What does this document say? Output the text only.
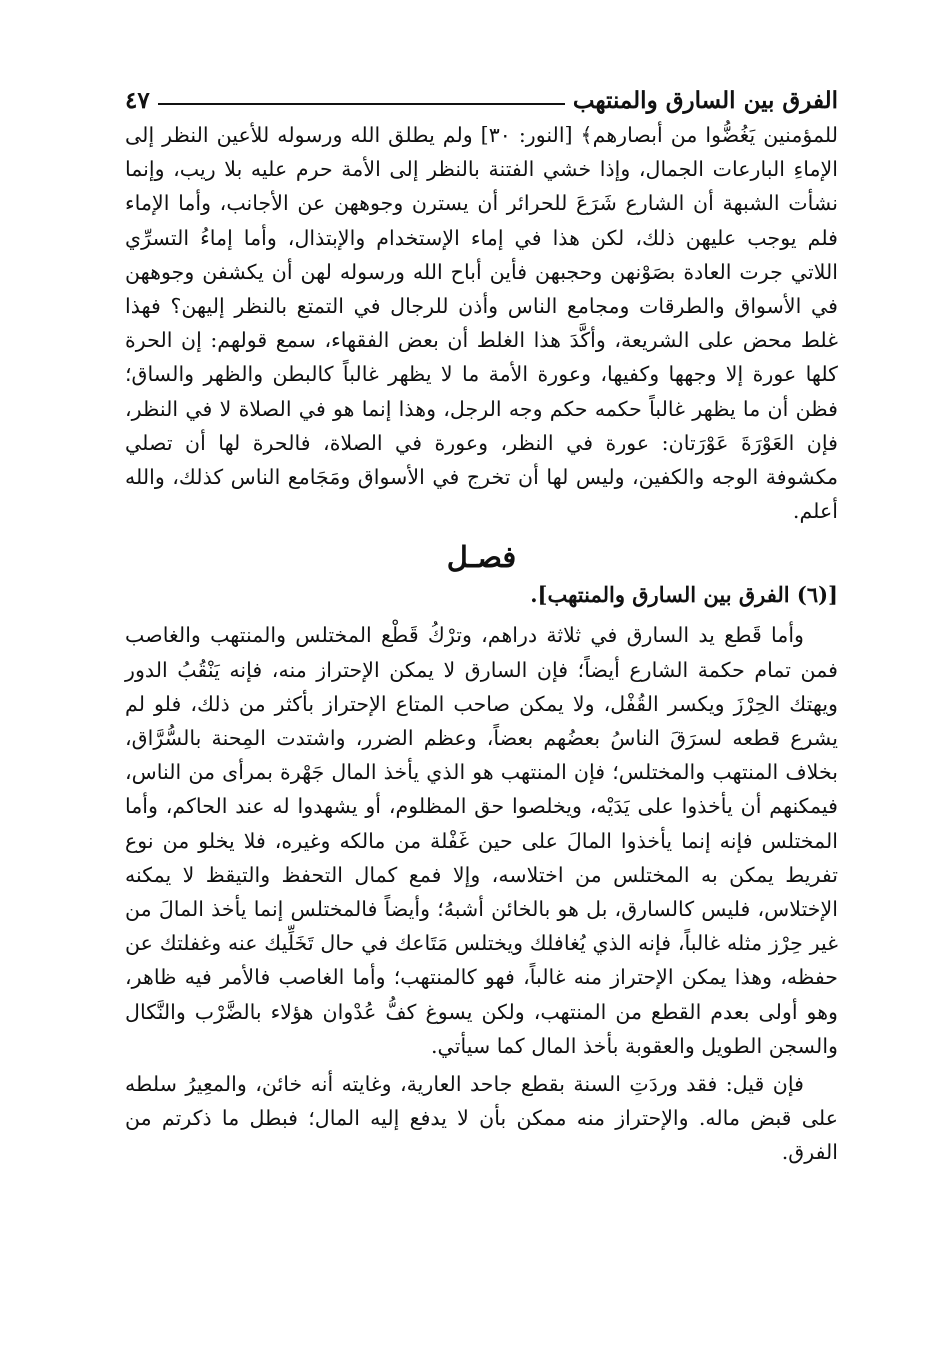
الفرق بين السارق والمنتهب
٤٧

للمؤمنين يَغُضُّوا من أبصارهم﴾ [النور: ٣٠] ولم يطلق الله ورسوله للأعين النظر إلى الإماءِ البارعات الجمال، وإذا خشي الفتنة بالنظر إلى الأمة حرم عليه بلا ريب، وإنما نشأت الشبهة أن الشارع شَرَعَ للحرائر أن يسترن وجوههن عن الأجانب، وأما الإماء فلم يوجب عليهن ذلك، لكن هذا في إماء الإستخدام والإبتذال، وأما إماءُ التسرِّي اللاتي جرت العادة بصَوْنهن وحجبهن فأين أباح الله ورسوله لهن أن يكشفن وجوههن في الأسواق والطرقات ومجامع الناس وأذن للرجال في التمتع بالنظر إليهن؟ فهذا غلط محض على الشريعة، وأكَّدَ هذا الغلط أن بعض الفقهاء، سمع قولهم: إن الحرة كلها عورة إلا وجهها وكفيها، وعورة الأمة ما لا يظهر غالباً كالبطن والظهر والساق؛ فظن أن ما يظهر غالباً حكمه حكم وجه الرجل، وهذا إنما هو في الصلاة لا في النظر، فإن العَوْرَةَ عَوْرَتان: عورة في النظر، وعورة في الصلاة، فالحرة لها أن تصلي مكشوفة الوجه والكفين، وليس لها أن تخرج في الأسواق ومَجَامع الناس كذلك، والله أعلم.

فصـل
[(٦) الفرق بين السارق والمنتهب].

وأما قَطع يد السارق في ثلاثة دراهم، وترْكُ قَطْع المختلس والمنتهب والغاصب فمن تمام حكمة الشارع أيضاً؛ فإن السارق لا يمكن الإحتراز منه، فإنه يَنْقُبُ الدور ويهتك الحِرْزَ ويكسر القُفْل، ولا يمكن صاحب المتاع الإحتراز بأكثر من ذلك، فلو لم يشرع قطعه لسرَقَ الناسُ بعضُهم بعضاً، وعظم الضرر، واشتدت المِحنة بالسُّرَّاق، بخلاف المنتهب والمختلس؛ فإن المنتهب هو الذي يأخذ المال جَهْرة بمرأى من الناس، فيمكنهم أن يأخذوا على يَدَيْه، ويخلصوا حق المظلوم، أو يشهدوا له عند الحاكم، وأما المختلس فإنه إنما يأخذوا المالَ على حين غَفْلة من مالكه وغيره، فلا يخلو من نوع تفريط يمكن به المختلس من اختلاسه، وإلا فمع كمال التحفظ والتيقظ لا يمكنه الإختلاس، فليس كالسارق، بل هو بالخائن أشبهُ؛ وأيضاً فالمختلس إنما يأخذ المالَ من غير حِرْز مثله غالباً، فإنه الذي يُغافلك ويختلس مَتَاعك في حال تَخَلِّيك عنه وغفلتك عن حفظه، وهذا يمكن الإحتراز منه غالباً، فهو كالمنتهب؛ وأما الغاصب فالأمر فيه ظاهر، وهو أولى بعدم القطع من المنتهب، ولكن يسوغ كفُّ عُدْوان هؤلاء بالضَّرْب والنَّكال والسجن الطويل والعقوبة بأخذ المال كما سيأتي.

فإن قيل: فقد وردَتِ السنة بقطع جاحد العارية، وغايته أنه خائن، والمعِيرُ سلطه على قبض ماله. والإحتراز منه ممكن بأن لا يدفع إليه المال؛ فبطل ما ذكرتم من الفرق.
